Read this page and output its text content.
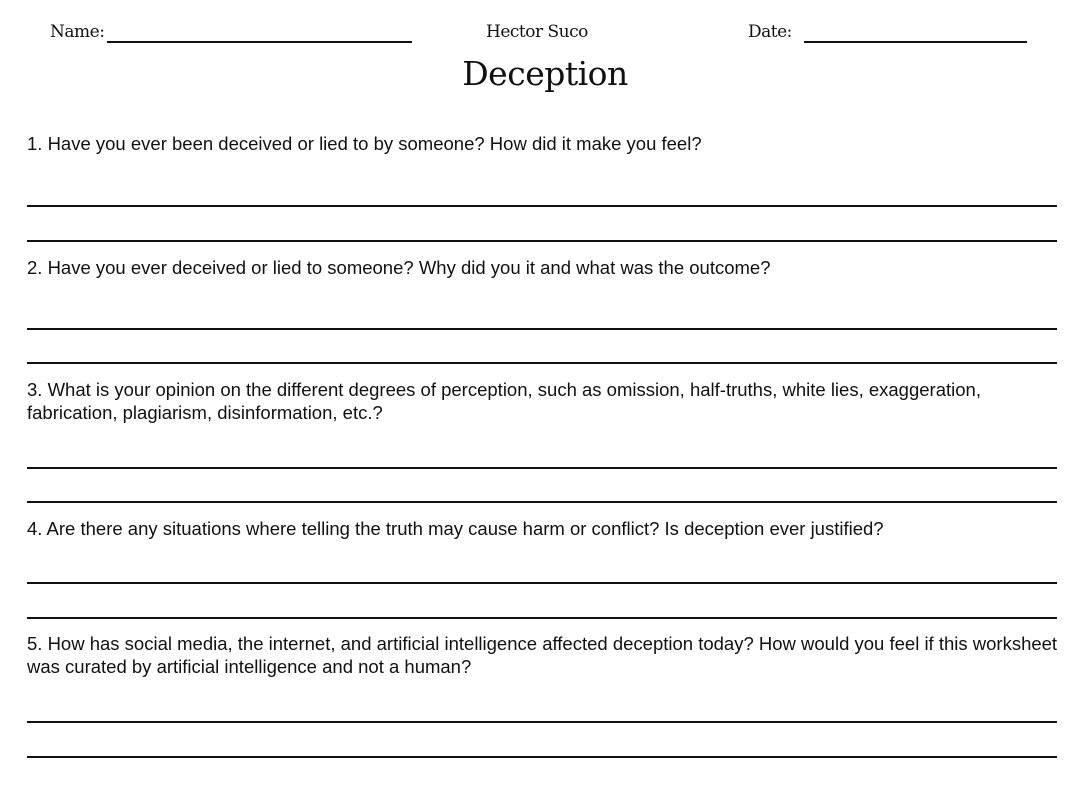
Name:	Hector Suco	Date:
Deception
1. Have you ever been deceived or lied to by someone? How did it make you feel?
2. Have you ever deceived or lied to someone? Why did you it and what was the outcome?
3. What is your opinion on the different degrees of perception, such as omission, half-truths, white lies, exaggeration, fabrication, plagiarism, disinformation, etc.?
4. Are there any situations where telling the truth may cause harm or conflict? Is deception ever justified?
5. How has social media, the internet, and artificial intelligence affected deception today? How would you feel if this worksheet was curated by artificial intelligence and not a human?
